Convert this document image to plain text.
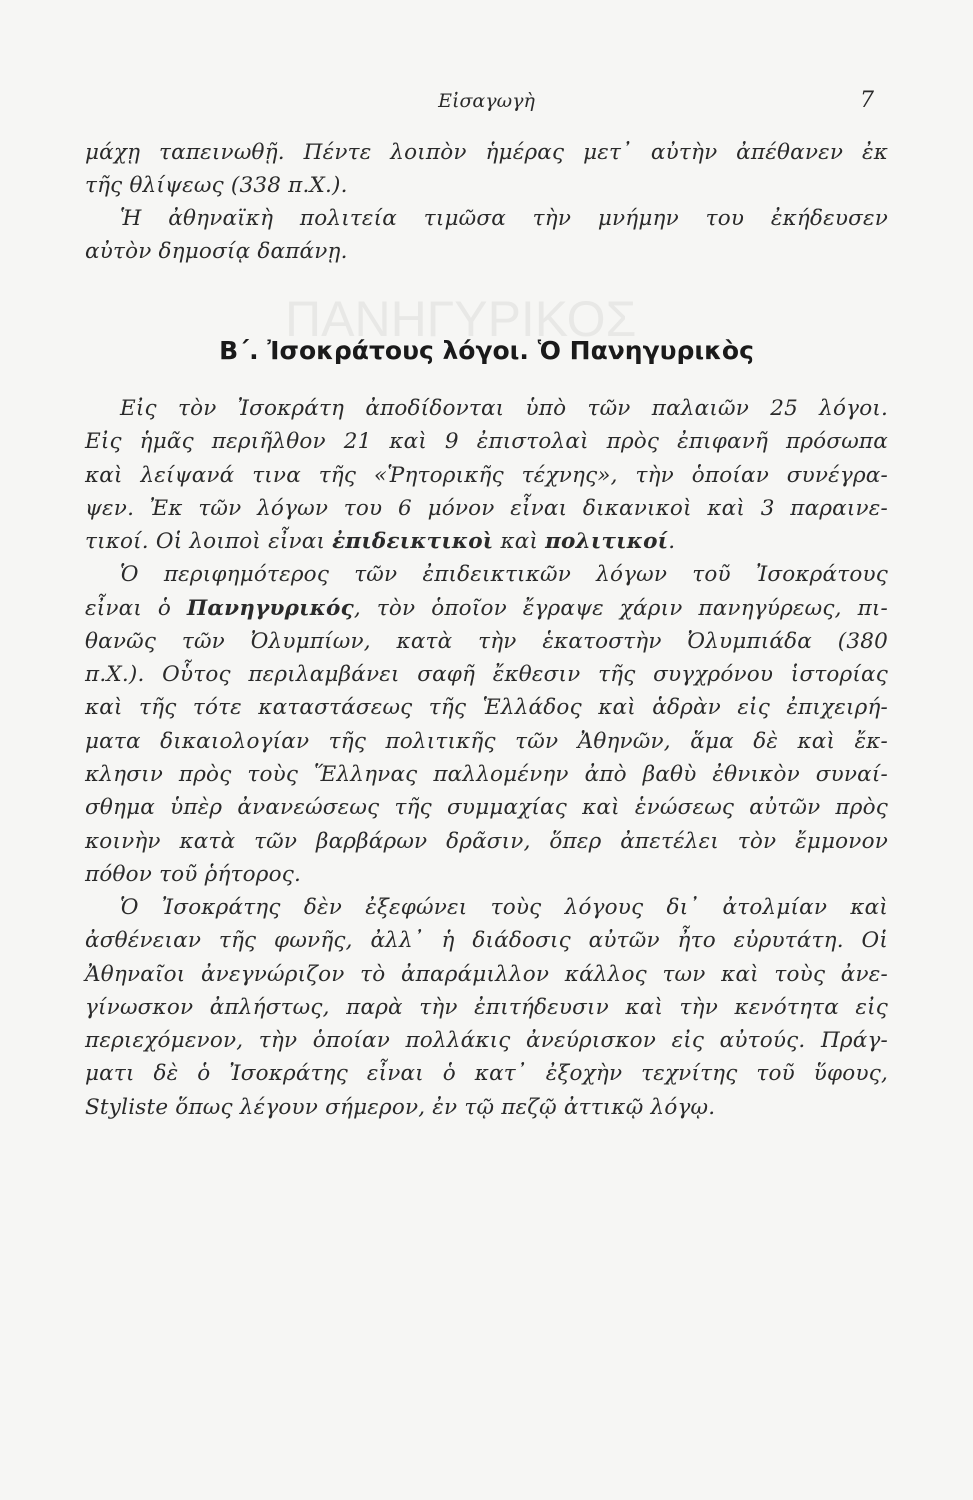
ΠΑΝΗΓΥΡΙΚΟΣ
Εἰσαγωγὴ	7
Β΄. Ἰσοκράτους λόγοι. Ὁ Πανηγυρικὸς
μάχῃ ταπεινωθῇ. Πέντε λοιπὸν ἡμέρας μετ᾽ αὐτὴν ἀπέθανεν ἐκ
τῆς θλίψεως (338 π.Χ.).
Ἡ ἀθηναϊκὴ πολιτεία τιμῶσα τὴν μνήμην του ἐκήδευσεν
αὐτὸν δημοσίᾳ δαπάνῃ.
Εἰς τὸν Ἰσοκράτη ἀποδίδονται ὑπὸ τῶν παλαιῶν 25 λόγοι.
Εἰς ἡμᾶς περιῆλθον 21 καὶ 9 ἐπιστολαὶ πρὸς ἐπιφανῆ πρόσωπα
καὶ λείψανά τινα τῆς «Ῥητορικῆς τέχνης», τὴν ὁποίαν συνέγρα-
ψεν. Ἐκ τῶν λόγων του 6 μόνον εἶναι δικανικοὶ καὶ 3 παραινε-
τικοί. Οἱ λοιποὶ εἶναι ἐπιδεικτικοὶ καὶ πολιτικοί.
Ὁ περιφημότερος τῶν ἐπιδεικτικῶν λόγων τοῦ Ἰσοκράτους
εἶναι ὁ Πανηγυρικός, τὸν ὁποῖον ἔγραψε χάριν πανηγύρεως, πι-
θανῶς τῶν Ὀλυμπίων, κατὰ τὴν ἑκατοστὴν Ὀλυμπιάδα (380
π.Χ.). Οὗτος περιλαμβάνει σαφῆ ἔκθεσιν τῆς συγχρόνου ἱστορίας
καὶ τῆς τότε καταστάσεως τῆς Ἑλλάδος καὶ ἁδρὰν εἰς ἐπιχειρή-
ματα δικαιολογίαν τῆς πολιτικῆς τῶν Ἀθηνῶν, ἅμα δὲ καὶ ἔκ-
κλησιν πρὸς τοὺς Ἕλληνας παλλομένην ἀπὸ βαθὺ ἐθνικὸν συναί-
σθημα ὑπὲρ ἀνανεώσεως τῆς συμμαχίας καὶ ἑνώσεως αὐτῶν πρὸς
κοινὴν κατὰ τῶν βαρβάρων δρᾶσιν, ὅπερ ἀπετέλει τὸν ἔμμονον
πόθον τοῦ ῥήτορος.
Ὁ Ἰσοκράτης δὲν ἐξεφώνει τοὺς λόγους δι᾽ ἀτολμίαν καὶ
ἀσθένειαν τῆς φωνῆς, ἀλλ᾽ ἡ διάδοσις αὐτῶν ἦτο εὐρυτάτη. Οἱ
Ἀθηναῖοι ἀνεγνώριζον τὸ ἀπαράμιλλον κάλλος των καὶ τοὺς ἀνε-
γίνωσκον ἀπλήστως, παρὰ τὴν ἐπιτήδευσιν καὶ τὴν κενότητα εἰς
περιεχόμενον, τὴν ὁποίαν πολλάκις ἀνεύρισκον εἰς αὐτούς. Πράγ-
ματι δὲ ὁ Ἰσοκράτης εἶναι ὁ κατ᾽ ἐξοχὴν τεχνίτης τοῦ ὕφους,
Styliste ὅπως λέγουν σήμερον, ἐν τῷ πεζῷ ἀττικῷ λόγῳ.
